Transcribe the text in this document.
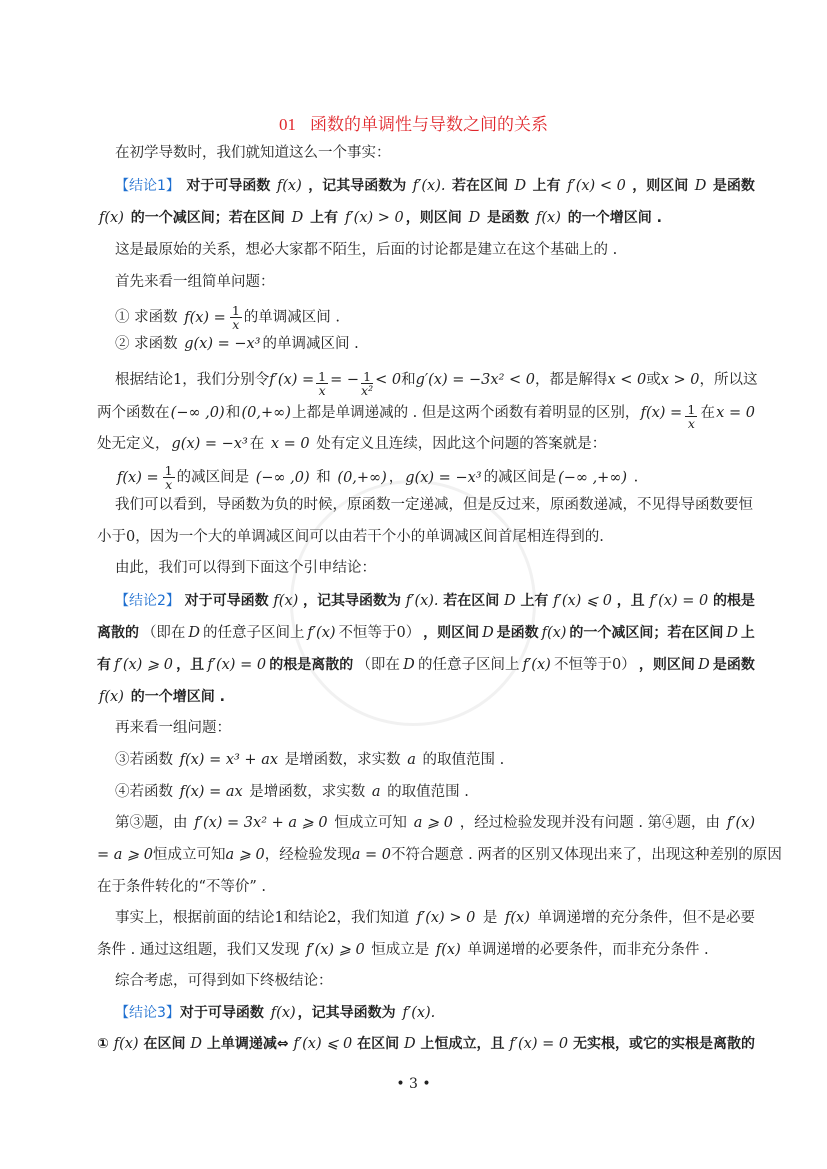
01 函数的单调性与导数之间的关系
在初学导数时，我们就知道这么一个事实：
【结论1】 对于可导函数 f(x) ，记其导函数为 f′(x). 若在区间 D 上有 f′(x) < 0 ，则区间 D 是函数
f(x) 的一个减区间；若在区间 D 上有 f′(x) > 0 ，则区间 D 是函数 f(x) 的一个增区间 .
这是最原始的关系，想必大家都不陌生，后面的讨论都是建立在这个基础上的 .
首先来看一组简单问题：
① 求函数 $f(x) = \frac{1}{x}$ 的单调减区间 .
② 求函数 g(x) = −x³ 的单调减区间 .
根据结论1，我们分别令 $f'(x) = \frac{1}{x}$ = − $\frac{1}{\text{x²}} < 0$ 和 g′(x) = −3x² < 0 ，都是解得 x < 0 或 x > 0 ，所以这
两个函数在 (−∞ ,0) 和 (0,+∞) 上都是单调递减的 . 但是这两个函数有着明显的区别， $f(x) = \frac{1}{x}$ 在 x = 0
处无定义， g(x) = −x³ 在 x = 0 处有定义且连续，因此这个问题的答案就是：
$f(x) = \frac{1}{x}$ 的减区间是 (−∞ ,0) 和 (0,+∞) ， g(x) = −x³ 的减区间是 (−∞ ,+∞) .
我们可以看到，导函数为负的时候，原函数一定递减，但是反过来，原函数递减，不见得导函数要恒
小于0，因为一个大的单调减区间可以由若干个小的单调减区间首尾相连得到的.
由此，我们可以得到下面这个引申结论：
【结论2】 对于可导函数 f(x) ，记其导函数为 f′(x). 若在区间 D 上有 f′(x) ⩽ 0 ，且 f′(x) = 0 的根是
离散的 （即在 D 的任意子区间上 f′(x) 不恒等于0） ，则区间 D 是函数 f(x) 的一个减区间；若在区间 D 上
有 f′(x) ⩾ 0 ，且 f′(x) = 0 的根是离散的 （即在 D 的任意子区间上 f′(x) 不恒等于0） ，则区间 D 是函数
f(x) 的一个增区间 .
再来看一组问题：
③若函数 f(x) = x³ + ax 是增函数，求实数 a 的取值范围 .
④若函数 f(x) = ax 是增函数，求实数 a 的取值范围 .
第③题，由 f′(x) = 3x² + a ⩾ 0 恒成立可知 a ⩾ 0 ，经过检验发现并没有问题 . 第④题，由 f′(x)
= a ⩾ 0 恒成立可知 a ⩾ 0 ，经检验发现 a = 0 不符合题意 . 两者的区别又体现出来了，出现这种差别的原因
在于条件转化的“不等价” .
事实上，根据前面的结论1和结论2，我们知道 f′(x) > 0 是 f(x) 单调递增的充分条件，但不是必要
条件 . 通过这组题，我们又发现 f′(x) ⩾ 0 恒成立是 f(x) 单调递增的必要条件，而非充分条件 .
综合考虑，可得到如下终极结论：
【结论3】对于可导函数 f(x) ，记其导函数为 f′(x).
① f(x) 在区间 D 上单调递减⇔ f′(x) ⩽ 0 在区间 D 上恒成立，且 f′(x) = 0 无实根，或它的实根是离散的
• 3 •
